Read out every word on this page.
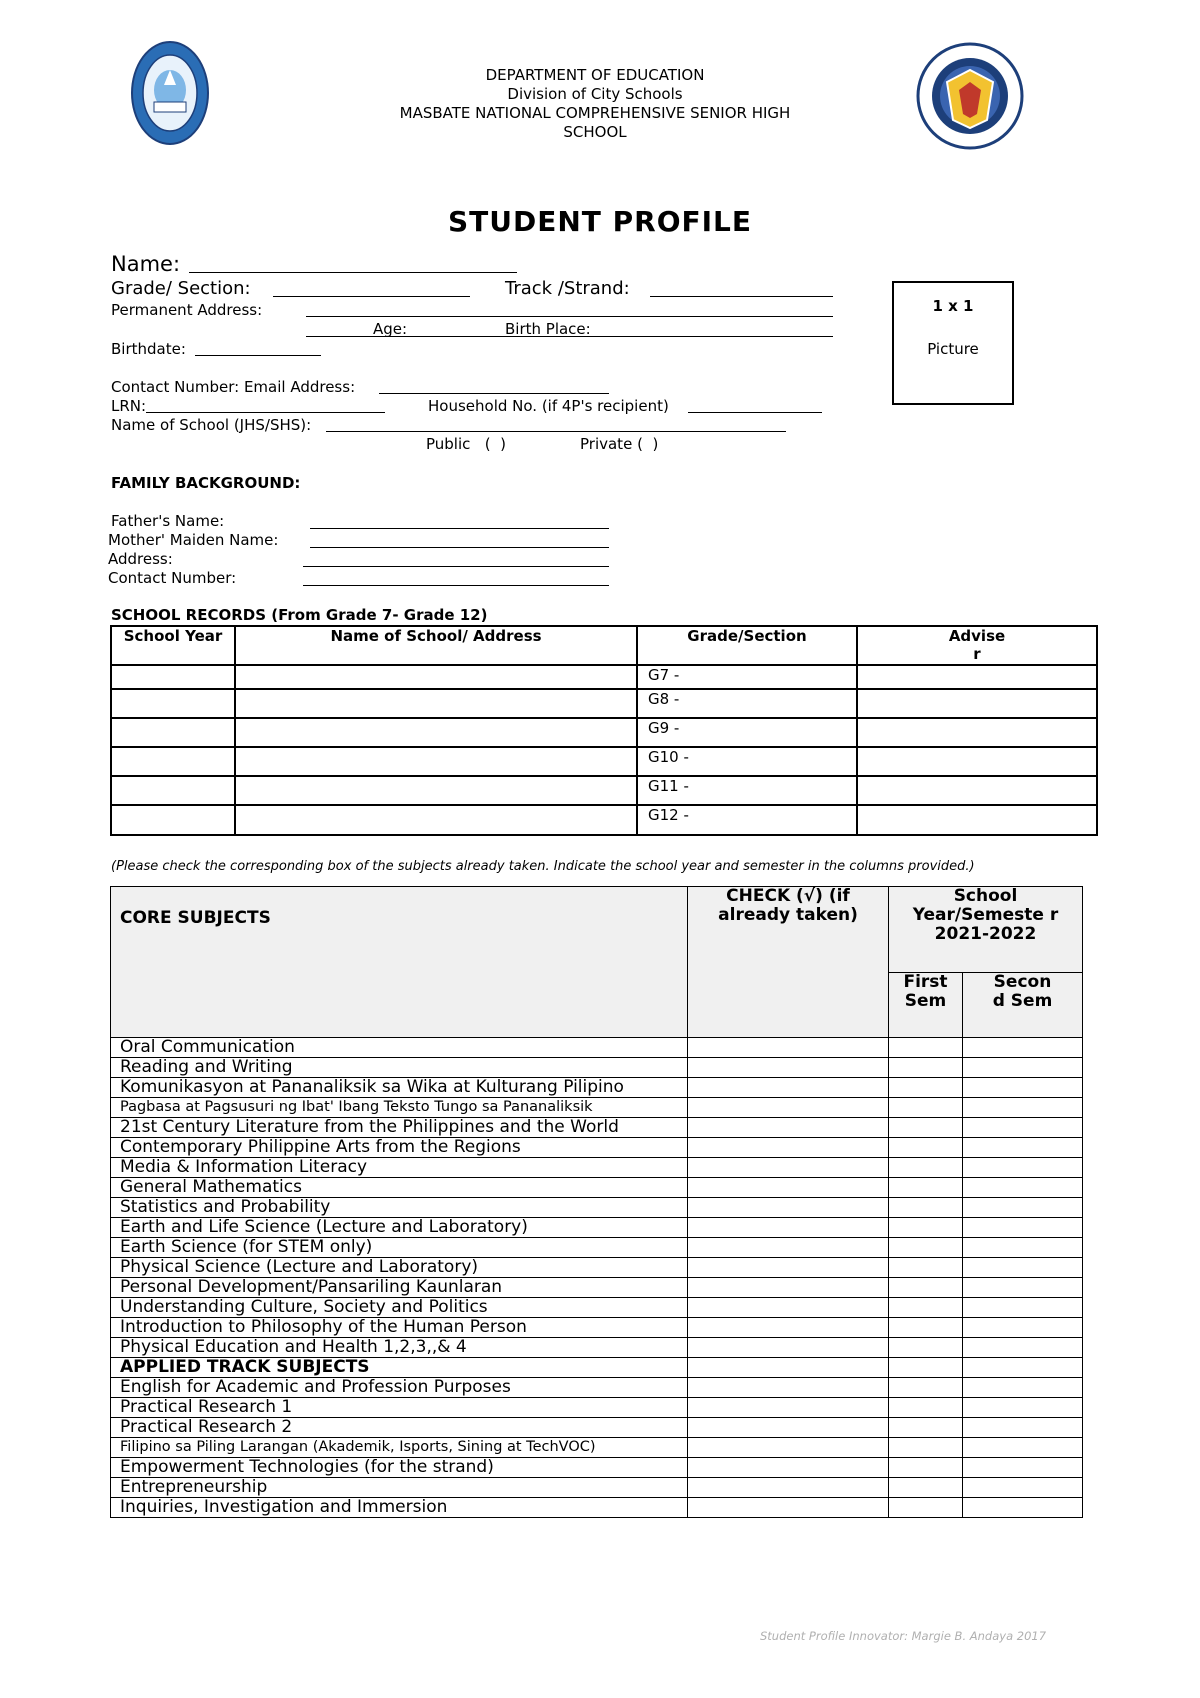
DEPARTMENT OF EDUCATION
Division of City Schools
MASBATE NATIONAL COMPREHENSIVE SENIOR HIGH
SCHOOL
STUDENT PROFILE
Name:
Grade/ Section:	Track /Strand:
Permanent Address:
Age:	Birth Place:
Birthdate:
Contact Number: Email Address:
LRN:	Household No. (if 4P's recipient)
Name of School (JHS/SHS):
Public   (  )	Private (  )
1 x 1
Picture
FAMILY BACKGROUND:
Father's Name:
Mother' Maiden Name:
Address:
Contact Number:
SCHOOL RECORDS (From Grade 7- Grade 12)
School Year	Name of School/ Address	Grade/Section	Advise r
		G7 -	
		G8 -	
		G9 -	
		G10 -	
		G11 -	
		G12 -	
(Please check the corresponding box of the subjects already taken. Indicate the school year and semester in the columns provided.)
CORE SUBJECTS	CHECK (√) (if already taken)	School Year/Semeste r
2021-2022	
		First Sem	Secon d Sem
Oral Communication			
Reading and Writing			
Komunikasyon at Pananaliksik sa Wika at Kulturang Pilipino			
Pagbasa at Pagsusuri ng Ibat' Ibang Teksto Tungo sa Pananaliksik			
21st Century Literature from the Philippines and the World			
Contemporary Philippine Arts from the Regions			
Media & Information Literacy			
General Mathematics			
Statistics and Probability			
Earth and Life Science (Lecture and Laboratory)			
Earth Science (for STEM only)			
Physical Science (Lecture and Laboratory)			
Personal Development/Pansariling Kaunlaran			
Understanding Culture, Society and Politics			
Introduction to Philosophy of the Human Person			
Physical Education and Health 1,2,3,,& 4			
APPLIED TRACK SUBJECTS			
English for Academic and Profession Purposes			
Practical Research 1			
Practical Research 2			
Filipino sa Piling Larangan (Akademik, Isports, Sining at TechVOC)			
Empowerment Technologies (for the strand)			
Entrepreneurship			
Inquiries, Investigation and Immersion			
Student Profile Innovator: Margie B. Andaya 2017
